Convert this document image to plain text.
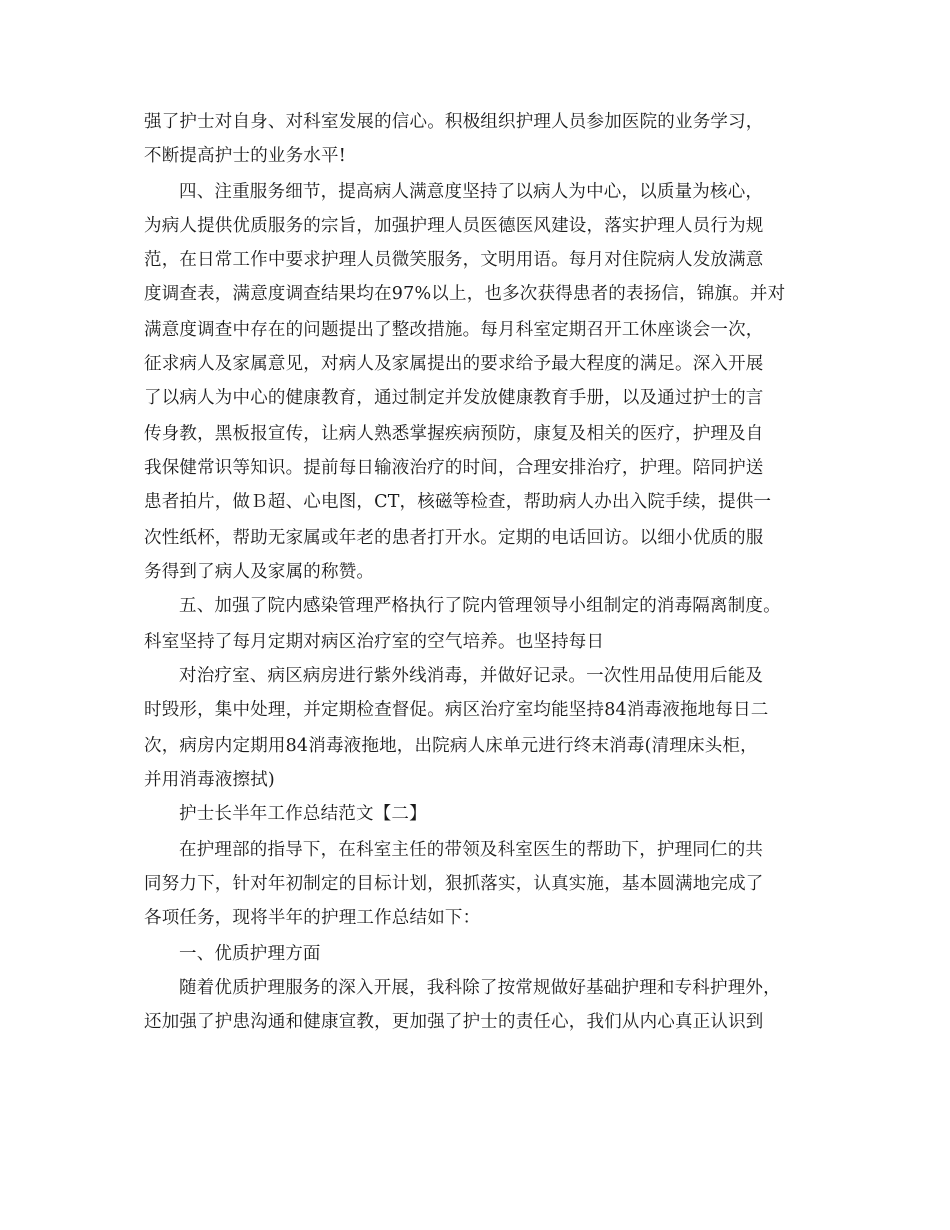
强了护士对自身、对科室发展的信心。积极组织护理人员参加医院的业务学习，
不断提高护士的业务水平!
四、注重服务细节，提高病人满意度坚持了以病人为中心，以质量为核心，
为病人提供优质服务的宗旨，加强护理人员医德医风建设，落实护理人员行为规
范，在日常工作中要求护理人员微笑服务，文明用语。每月对住院病人发放满意
度调查表，满意度调查结果均在97%以上，也多次获得患者的表扬信，锦旗。并对
满意度调查中存在的问题提出了整改措施。每月科室定期召开工休座谈会一次，
征求病人及家属意见，对病人及家属提出的要求给予最大程度的满足。深入开展
了以病人为中心的健康教育，通过制定并发放健康教育手册，以及通过护士的言
传身教，黑板报宣传，让病人熟悉掌握疾病预防，康复及相关的医疗，护理及自
我保健常识等知识。提前每日输液治疗的时间，合理安排治疗，护理。陪同护送
患者拍片，做Ｂ超、心电图，CT，核磁等检查，帮助病人办出入院手续，提供一
次性纸杯，帮助无家属或年老的患者打开水。定期的电话回访。以细小优质的服
务得到了病人及家属的称赞。
五、加强了院内感染管理严格执行了院内管理领导小组制定的消毒隔离制度。
科室坚持了每月定期对病区治疗室的空气培养。也坚持每日
对治疗室、病区病房进行紫外线消毒，并做好记录。一次性用品使用后能及
时毁形，集中处理，并定期检查督促。病区治疗室均能坚持84消毒液拖地每日二
次，病房内定期用84消毒液拖地，出院病人床单元进行终末消毒(清理床头柜，
并用消毒液擦拭)
护士长半年工作总结范文【二】
在护理部的指导下，在科室主任的带领及科室医生的帮助下，护理同仁的共
同努力下，针对年初制定的目标计划，狠抓落实，认真实施，基本圆满地完成了
各项任务，现将半年的护理工作总结如下：
一、优质护理方面
随着优质护理服务的深入开展，我科除了按常规做好基础护理和专科护理外，
还加强了护患沟通和健康宣教，更加强了护士的责任心，我们从内心真正认识到
